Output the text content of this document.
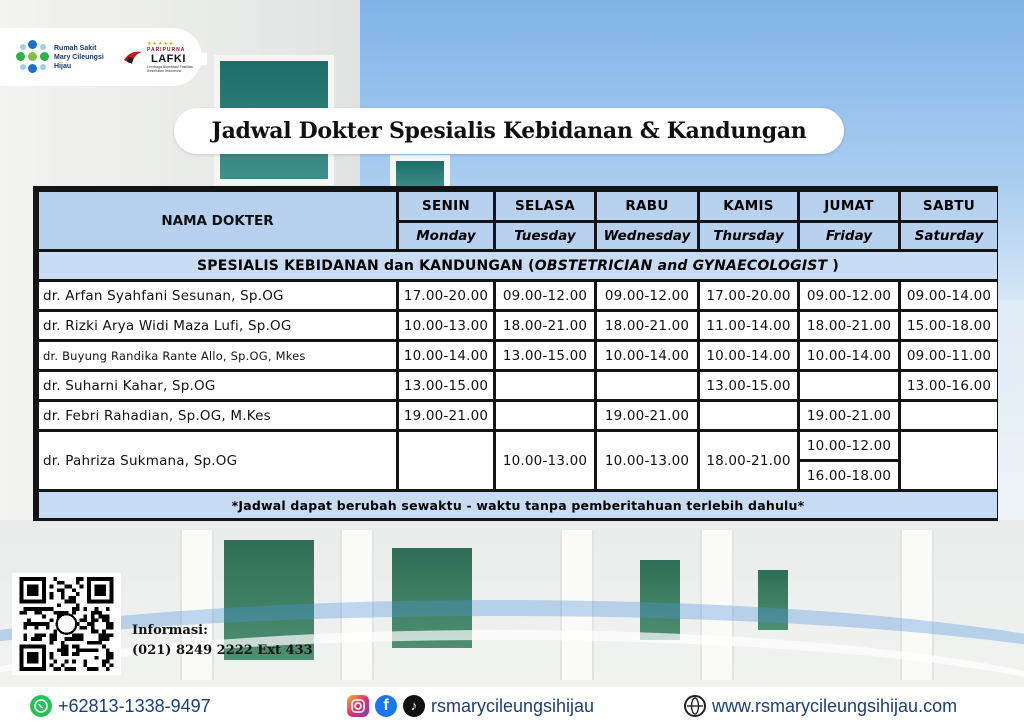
Rumah Sakit Mary Cileungsi Hijau
★★★★★
PARIPURNA
LAFKI
Lembaga Akreditasi Fasilitas Kesehatan Indonesia
Jadwal Dokter Spesialis Kebidanan & Kandungan
NAMA DOKTER	SENIN	SELASA	RABU	KAMIS	JUMAT	SABTU
	Monday	Tuesday	Wednesday	Thursday	Friday	Saturday
SPESIALIS KEBIDANAN dan KANDUNGAN (OBSTETRICIAN and GYNAECOLOGIST )						
dr. Arfan Syahfani Sesunan, Sp.OG	17.00-20.00	09.00-12.00	09.00-12.00	17.00-20.00	09.00-12.00	09.00-14.00
dr. Rizki Arya Widi Maza Lufi, Sp.OG	10.00-13.00	18.00-21.00	18.00-21.00	11.00-14.00	18.00-21.00	15.00-18.00
dr. Buyung Randika Rante Allo, Sp.OG, Mkes	10.00-14.00	13.00-15.00	10.00-14.00	10.00-14.00	10.00-14.00	09.00-11.00
dr. Suharni Kahar, Sp.OG	13.00-15.00			13.00-15.00		13.00-16.00
dr. Febri Rahadian, Sp.OG, M.Kes	19.00-21.00		19.00-21.00		19.00-21.00	
dr. Pahriza Sukmana, Sp.OG		10.00-13.00	10.00-13.00	18.00-21.00	10.00-12.00	
					16.00-18.00	
*Jadwal dapat berubah sewaktu - waktu tanpa pemberitahuan terlebih dahulu*						
Informasi:
(021) 8249 2222 Ext 433
+62813-1338-9497	f	♪ rsmarycileungsihijau	www.rsmarycileungsihijau.com
